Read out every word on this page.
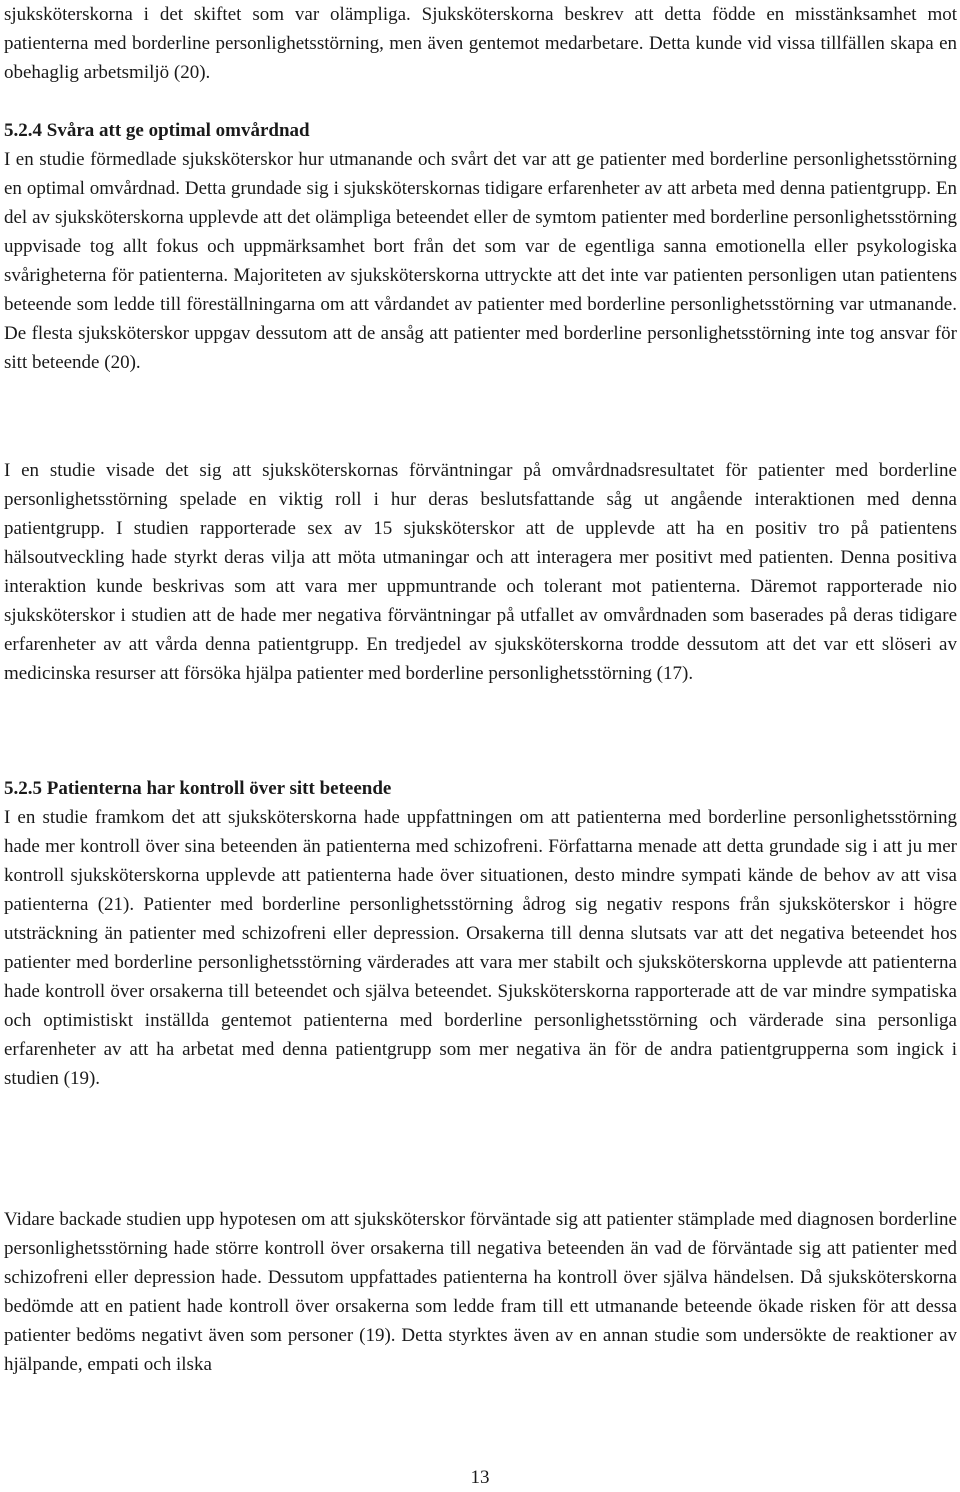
sjuksköterskorna i det skiftet som var olämpliga. Sjuksköterskorna beskrev att detta födde en misstänksamhet mot patienterna med borderline personlighetsstörning, men även gentemot medarbetare. Detta kunde vid vissa tillfällen skapa en obehaglig arbetsmiljö (20).

5.2.4 Svåra att ge optimal omvårdnad

I en studie förmedlade sjuksköterskor hur utmanande och svårt det var att ge patienter med borderline personlighetsstörning en optimal omvårdnad. Detta grundade sig i sjuksköterskornas tidigare erfarenheter av att arbeta med denna patientgrupp. En del av sjuksköterskorna upplevde att det olämpliga beteendet eller de symtom patienter med borderline personlighetsstörning uppvisade tog allt fokus och uppmärksamhet bort från det som var de egentliga sanna emotionella eller psykologiska svårigheterna för patienterna. Majoriteten av sjuksköterskorna uttryckte att det inte var patienten personligen utan patientens beteende som ledde till föreställningarna om att vårdandet av patienter med borderline personlighetsstörning var utmanande. De flesta sjuksköterskor uppgav dessutom att de ansåg att patienter med borderline personlighetsstörning inte tog ansvar för sitt beteende (20).

I en studie visade det sig att sjuksköterskornas förväntningar på omvårdnadsresultatet för patienter med borderline personlighetsstörning spelade en viktig roll i hur deras beslutsfattande såg ut angående interaktionen med denna patientgrupp. I studien rapporterade sex av 15 sjuksköterskor att de upplevde att ha en positiv tro på patientens hälsoutveckling hade styrkt deras vilja att möta utmaningar och att interagera mer positivt med patienten. Denna positiva interaktion kunde beskrivas som att vara mer uppmuntrande och tolerant mot patienterna. Däremot rapporterade nio sjuksköterskor i studien att de hade mer negativa förväntningar på utfallet av omvårdnaden som baserades på deras tidigare erfarenheter av att vårda denna patientgrupp. En tredjedel av sjuksköterskorna trodde dessutom att det var ett slöseri av medicinska resurser att försöka hjälpa patienter med borderline personlighetsstörning (17).

5.2.5 Patienterna har kontroll över sitt beteende

I en studie framkom det att sjuksköterskorna hade uppfattningen om att patienterna med borderline personlighetsstörning hade mer kontroll över sina beteenden än patienterna med schizofreni. Författarna menade att detta grundade sig i att ju mer kontroll sjuksköterskorna upplevde att patienterna hade över situationen, desto mindre sympati kände de behov av att visa patienterna (21). Patienter med borderline personlighetsstörning ådrog sig negativ respons från sjuksköterskor i högre utsträckning än patienter med schizofreni eller depression. Orsakerna till denna slutsats var att det negativa beteendet hos patienter med borderline personlighetsstörning värderades att vara mer stabilt och sjuksköterskorna upplevde att patienterna hade kontroll över orsakerna till beteendet och själva beteendet. Sjuksköterskorna rapporterade att de var mindre sympatiska och optimistiskt inställda gentemot patienterna med borderline personlighetsstörning och värderade sina personliga erfarenheter av att ha arbetat med denna patientgrupp som mer negativa än för de andra patientgrupperna som ingick i studien (19).

Vidare backade studien upp hypotesen om att sjuksköterskor förväntade sig att patienter stämplade med diagnosen borderline personlighetsstörning hade större kontroll över orsakerna till negativa beteenden än vad de förväntade sig att patienter med schizofreni eller depression hade. Dessutom uppfattades patienterna ha kontroll över själva händelsen. Då sjuksköterskorna bedömde att en patient hade kontroll över orsakerna som ledde fram till ett utmanande beteende ökade risken för att dessa patienter bedöms negativt även som personer (19). Detta styrktes även av en annan studie som undersökte de reaktioner av hjälpande, empati och ilska

13
